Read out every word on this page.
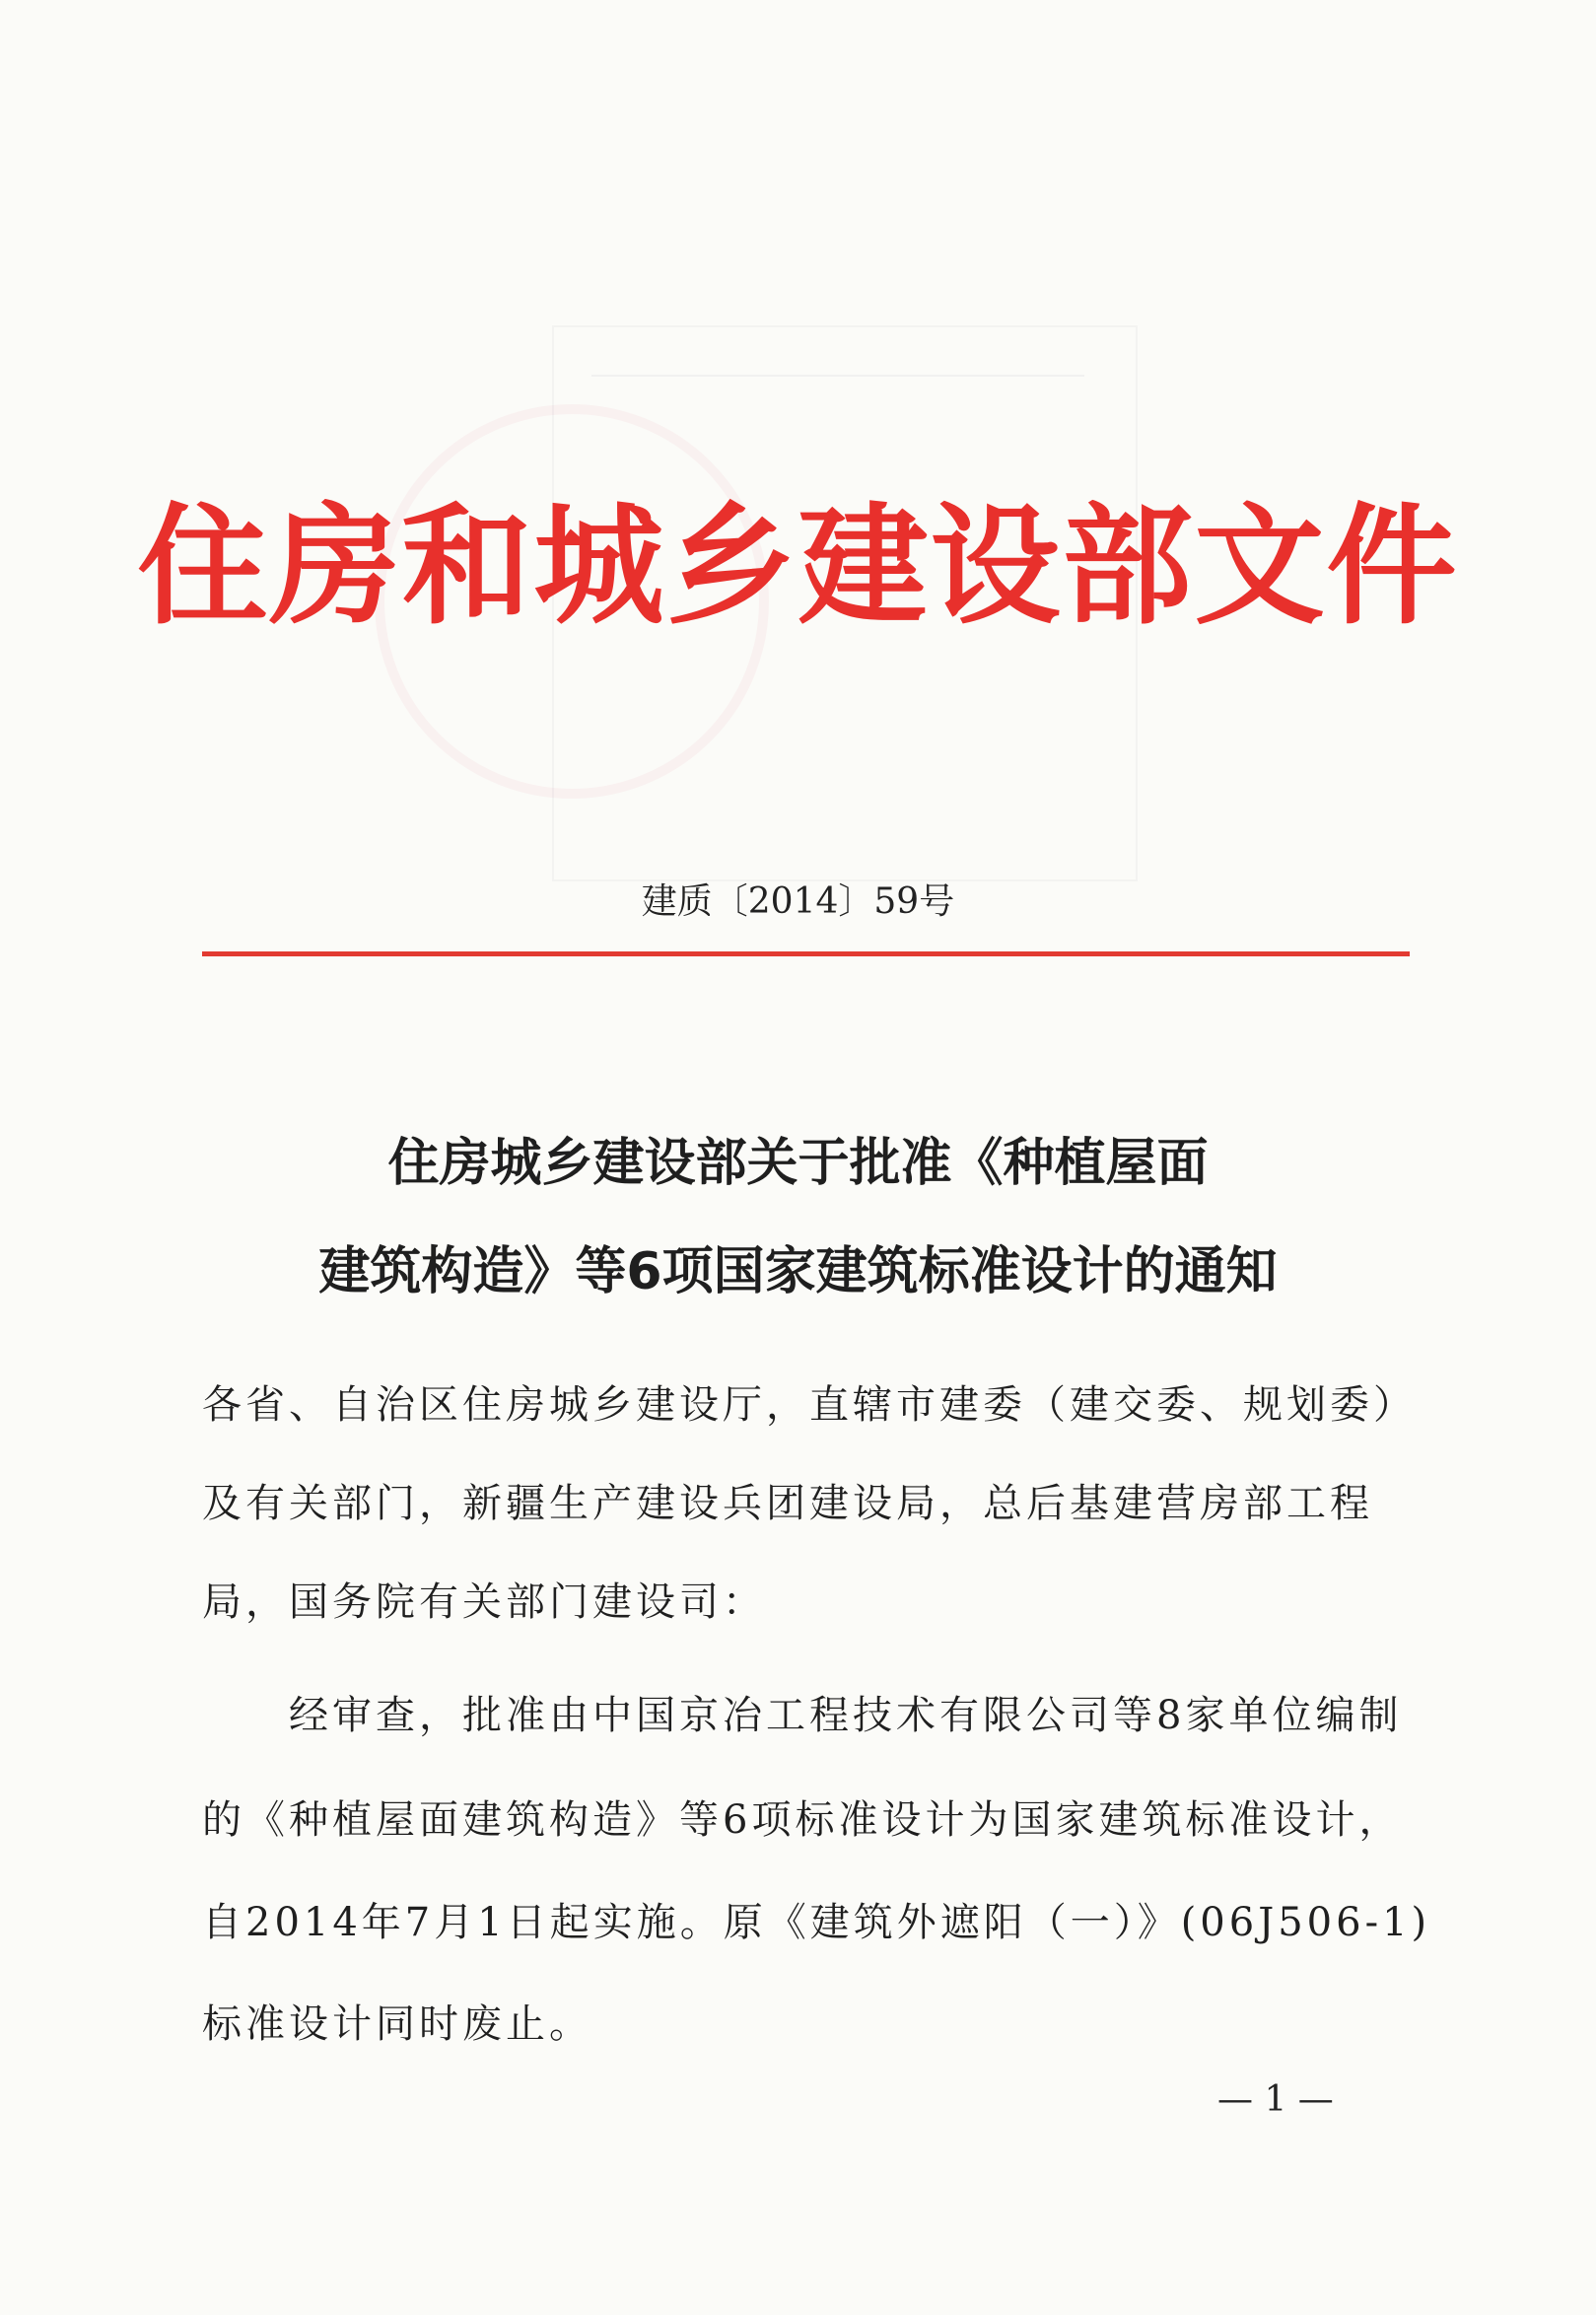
住房和城乡建设部文件
建质〔2014〕59号
住房城乡建设部关于批准《种植屋面
建筑构造》等6项国家建筑标准设计的通知
各省、自治区住房城乡建设厅，直辖市建委（建交委、规划委）
及有关部门，新疆生产建设兵团建设局，总后基建营房部工程
局，国务院有关部门建设司：
　　经审查，批准由中国京冶工程技术有限公司等8家单位编制
的《种植屋面建筑构造》等6项标准设计为国家建筑标准设计，
自2014年7月1日起实施。原《建筑外遮阳（一）》(06J506-1)
标准设计同时废止。
— 1 —
